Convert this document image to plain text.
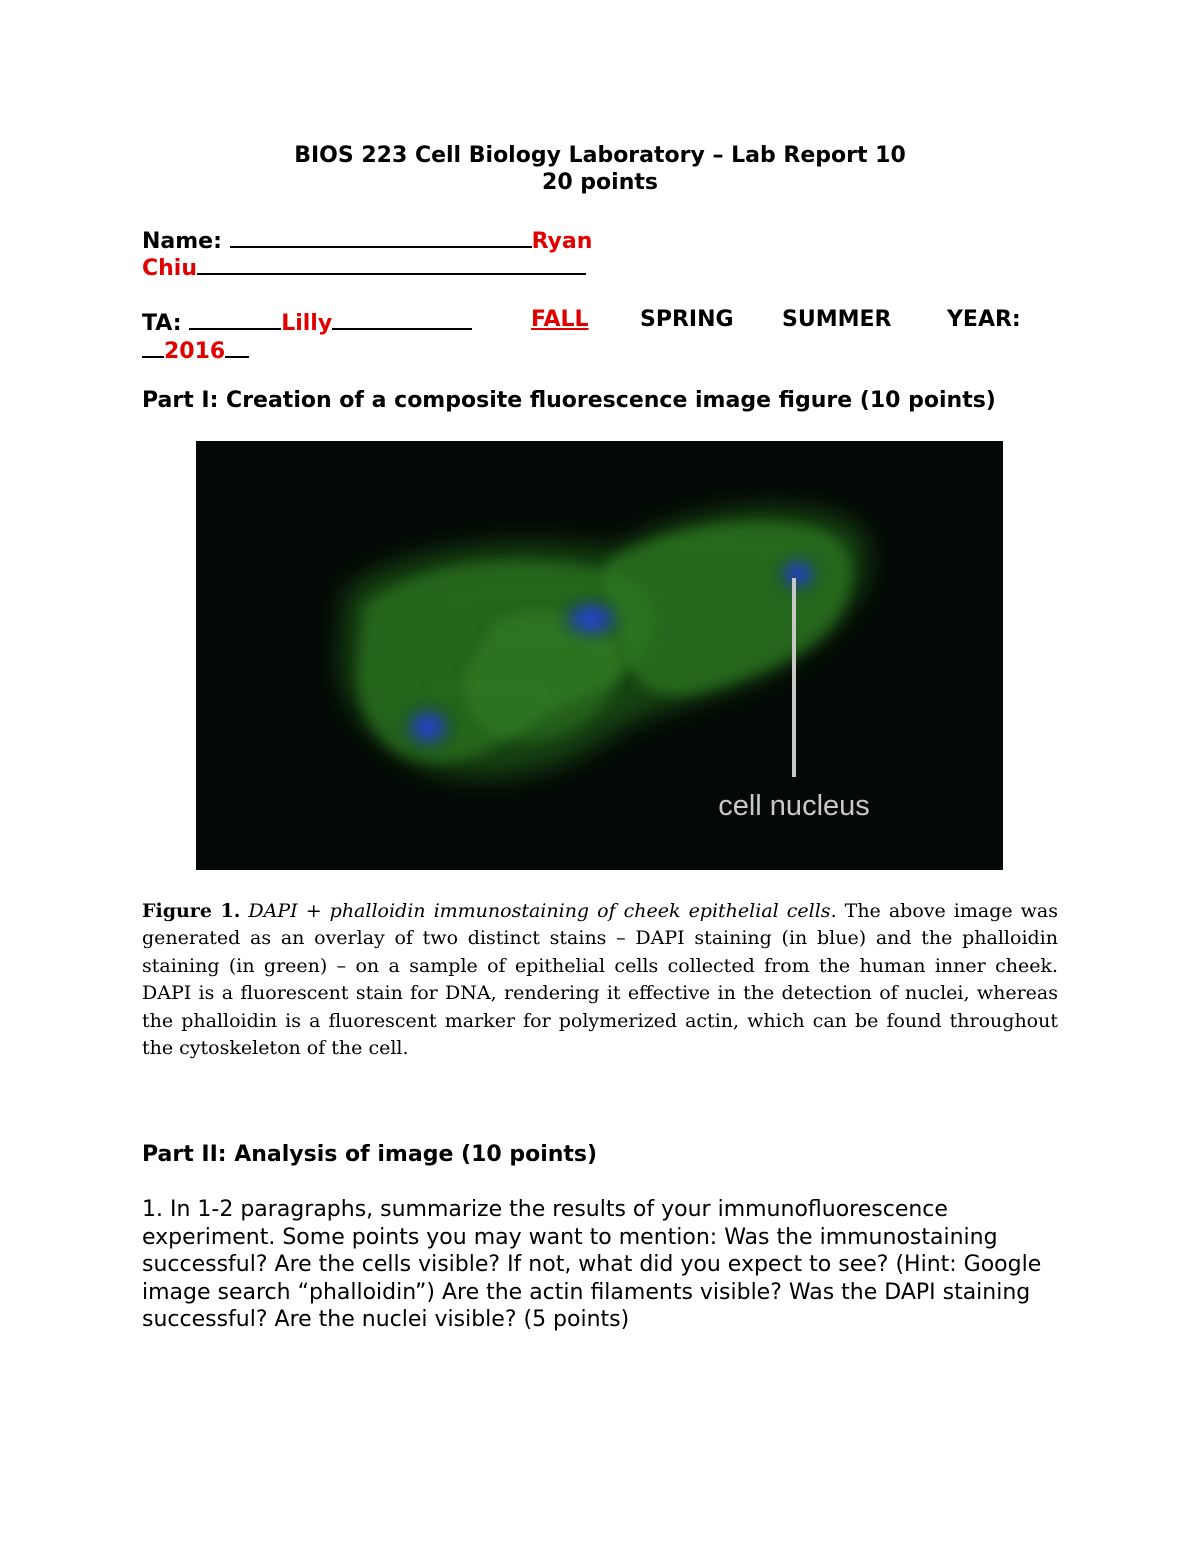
BIOS 223 Cell Biology Laboratory – Lab Report 10
20 points
Name:	Ryan
Chiu
TA:	Lilly	FALL SPRING SUMMER	YEAR:
2016
Part I: Creation of a composite fluorescence image figure (10 points)
cell nucleus
Figure 1. DAPI + phalloidin immunostaining of cheek epithelial cells. The above image was generated as an overlay of two distinct stains – DAPI staining (in blue) and the phalloidin staining (in green) – on a sample of epithelial cells collected from the human inner cheek. DAPI is a fluorescent stain for DNA, rendering it effective in the detection of nuclei, whereas the phalloidin is a fluorescent marker for polymerized actin, which can be found throughout the cytoskeleton of the cell.
Part II: Analysis of image (10 points)
1. In 1-2 paragraphs, summarize the results of your immunofluorescence experiment. Some points you may want to mention: Was the immunostaining successful? Are the cells visible? If not, what did you expect to see? (Hint: Google image search “phalloidin”) Are the actin filaments visible? Was the DAPI staining successful? Are the nuclei visible? (5 points)
